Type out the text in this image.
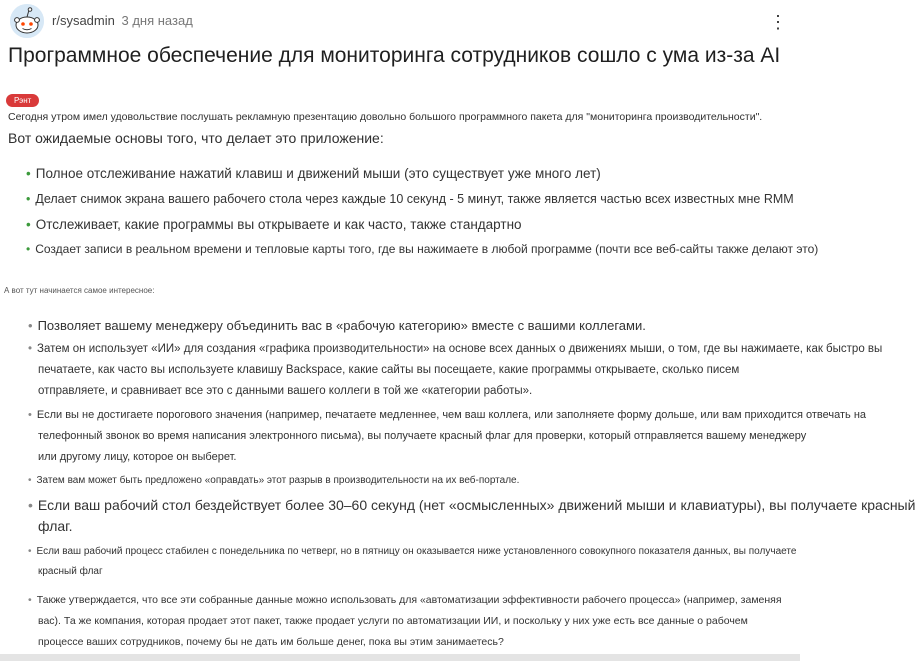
r/sysadmin 3 дня назад	⋮
Программное обеспечение для мониторинга сотрудников сошло с ума из-за AI
Рэнт
Сегодня утром имел удовольствие послушать рекламную презентацию довольно большого программного пакета для "мониторинга производительности".
Вот ожидаемые основы того, что делает это приложение:
• Полное отслеживание нажатий клавиш и движений мыши (это существует уже много лет)
• Делает снимок экрана вашего рабочего стола через каждые 10 секунд - 5 минут, также является частью всех известных мне RMM
• Отслеживает, какие программы вы открываете и как часто, также стандартно
• Создает записи в реальном времени и тепловые карты того, где вы нажимаете в любой программе (почти все веб-сайты также делают это)
А вот тут начинается самое интересное:
• Позволяет вашему менеджеру объединить вас в «рабочую категорию» вместе с вашими коллегами.
• Затем он использует «ИИ» для создания «графика производительности» на основе всех данных о движениях мыши, о том, где вы нажимаете, как быстро вы
печатаете, как часто вы используете клавишу Backspace, какие сайты вы посещаете, какие программы открываете, сколько писем
отправляете, и сравнивает все это с данными вашего коллеги в той же «категории работы».
• Если вы не достигаете порогового значения (например, печатаете медленнее, чем ваш коллега, или заполняете форму дольше, или вам приходится отвечать на
телефонный звонок во время написания электронного письма), вы получаете красный флаг для проверки, который отправляется вашему менеджеру
или другому лицу, которое он выберет.
• Затем вам может быть предложено «оправдать» этот разрыв в производительности на их веб-портале.
• Если ваш рабочий стол бездействует более 30–60 секунд (нет «осмысленных» движений мыши и клавиатуры), вы получаете красный
флаг.
• Если ваш рабочий процесс стабилен с понедельника по четверг, но в пятницу он оказывается ниже установленного совокупного показателя данных, вы получаете
красный флаг
• Также утверждается, что все эти собранные данные можно использовать для «автоматизации эффективности рабочего процесса» (например, заменяя
вас). Та же компания, которая продает этот пакет, также продает услуги по автоматизации ИИ, и поскольку у них уже есть все данные о рабочем
процессе ваших сотрудников, почему бы не дать им больше денег, пока вы этим занимаетесь?
